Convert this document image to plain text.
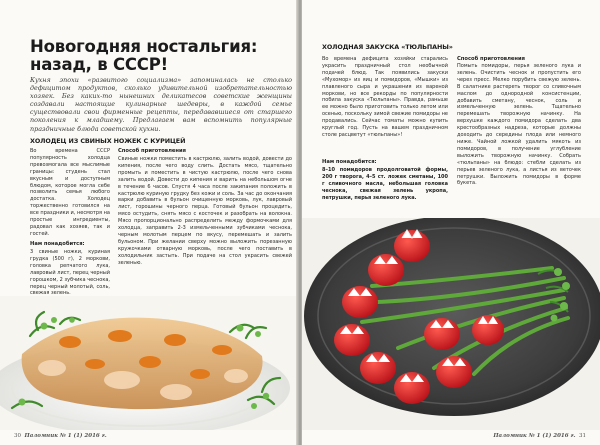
Новогодняя ностальгия: назад, в СССР!
Кухня эпохи «развитого социализма» запоминалась не столько дефицитом продуктов, сколько удивительной изобретательностью хозяек. Без каких-то нынешних деликатесов советские женщины создавали настоящие кулинарные шедевры, в каждой семье существовали свои фирменные рецепты, передававшиеся от старшего поколения к младшему. Предлагаем вам вспомнить популярные праздничные блюда советской кухни.
ХОЛОДЕЦ ИЗ СВИНЫХ НОЖЕК С КУРИЦЕЙ
Во времена СССР популярность холодца превозмогала все мыслимые границы: студень стал вкусным и доступным блюдом, которое могла себе позволить семья любого достатка. Холодец торжественно готовился на все праздники и, несмотря на простые ингредиенты, радовал как хозяев, так и гостей.
Нам понадобится:
3 свиные ножки, куриная грудка (500 г), 2 моркови, головка репчатого лука, лавровый лист, перец черный горошком, 2 зубчика чеснока, перец черный молотый, соль, свежая зелень.
Способ приготовления
Свиные ножки поместить в кастрюлю, залить водой, довести до кипения, после чего воду слить. Достать мясо, тщательно промыть и поместить в чистую кастрюлю, после чего снова залить водой. Довести до кипения и варить на небольшом огне в течение 6 часов. Спустя 4 часа после закипания положить в кастрюлю куриную грудку без кожи и соль. За час до окончания варки добавить в бульон очищенную морковь, лук, лавровый лист, горошины черного перца. Готовый бульон процедить, мясо остудить, снять мясо с косточек и разобрать на волокна. Мясо пропорционально распределить между формочками для холодца, заправить 2-3 измельченными зубчиками чеснока, черным молотым перцем по вкусу, перемешать и залить бульоном. При желании сверху можно выложить порезанную кружочками отварную морковь, после чего поставить в холодильник застыть. При подаче на стол украсить свежей зеленью.
30 Паломник № 1 (1) 2016 г.
ХОЛОДНАЯ ЗАКУСКА «ТЮЛЬПАНЫ»
Во времена дефицита хозяйки старались украсить праздничный стол необычной подачей блюд. Так появились закуски «Мухомор» из яиц и помидоров, «Мышки» из плавленого сыра и украшения из вареной моркови, но все рекорды по популярности побила закуска «Тюльпаны». Правда, раньше ее можно было приготовить только летом или осенью, поскольку зимой свежие помидоры не продавались. Сейчас томаты можно купить круглый год. Пусть на вашем праздничном столе расцветут «тюльпаны»!
Нам понадобится:
8–10 помидоров продолговатой формы, 200 г творога, 4–5 ст. ложек сметаны, 100 г сливочного масла, небольшая головка чеснока, свежая зелень укропа, петрушки, перья зеленого лука.
Способ приготовления
Помыть помидоры, перья зеленого лука и зелень. Очистить чеснок и пропустить его через пресс. Мелко порубить свежую зелень. В салатнике растереть творог со сливочным маслом до однородной консистенции, добавить сметану, чеснок, соль и измельченную зелень. Тщательно перемешать творожную начинку. На верхушке каждого помидора сделать два крестообразных надреза, которые должны доходить до середины плода или немного ниже. Чайной ложкой удалить мякоть из помидоров, в получение углубление выложить творожную начинку. Собрать «тюльпаны» на блюдо: стебли сделать из перьев зеленого лука, а листья из веточек петрушки. Выложить помидоры в форме букета.
Паломник № 1 (1) 2016 г. 31
